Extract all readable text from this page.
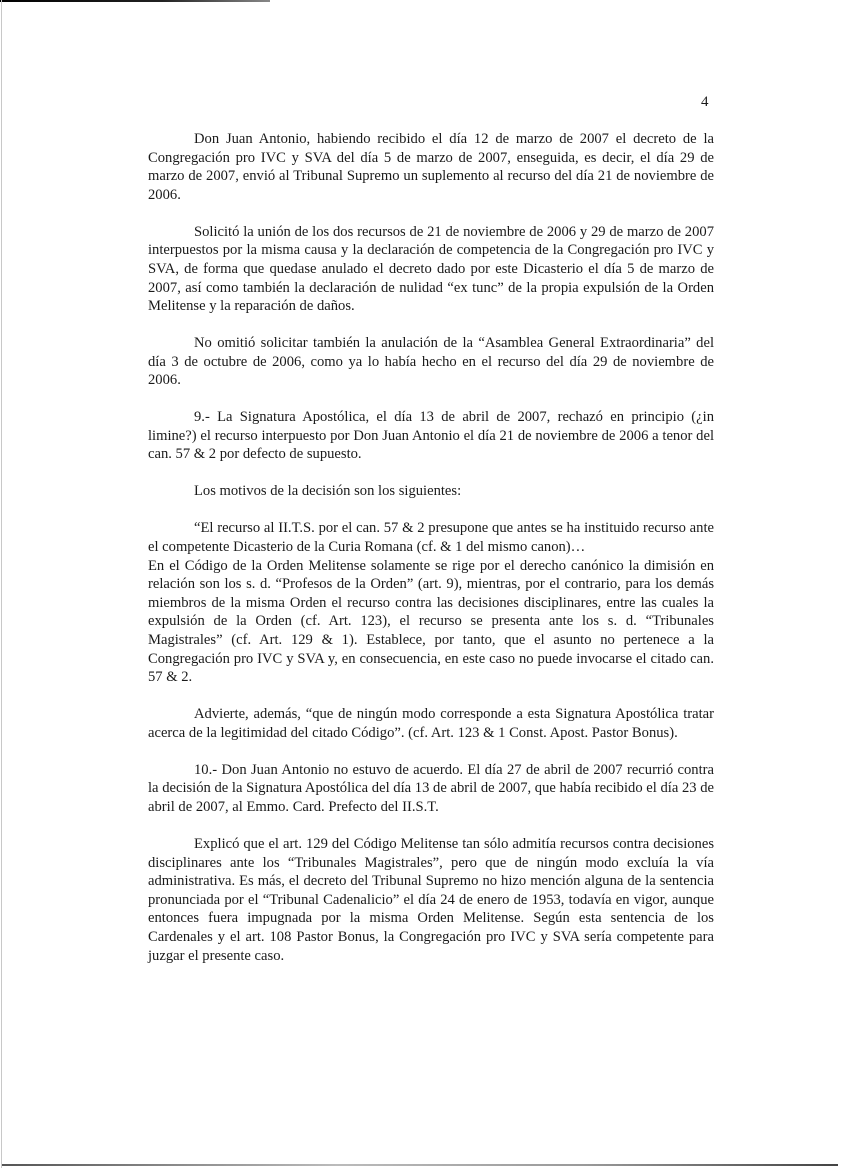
4

Don Juan Antonio, habiendo recibido el día 12 de marzo de 2007 el decreto de la Congregación pro IVC y SVA del día 5 de marzo de 2007, enseguida, es decir, el día 29 de marzo de 2007, envió al Tribunal Supremo un suplemento al recurso del día 21 de noviembre de 2006.

Solicitó la unión de los dos recursos de 21 de noviembre de 2006 y 29 de marzo de 2007 interpuestos por la misma causa y la declaración de competencia de la Congregación pro IVC y SVA, de forma que quedase anulado el decreto dado por este Dicasterio el día 5 de marzo de 2007, así como también la declaración de nulidad “ex tunc” de la propia expulsión de la Orden Melitense y la reparación de daños.

No omitió solicitar también la anulación de la “Asamblea General Extraordinaria” del día 3 de octubre de 2006, como ya lo había hecho en el recurso del día 29 de noviembre de 2006.

9.- La Signatura Apostólica, el día 13 de abril de 2007, rechazó en principio (¿in limine?) el recurso interpuesto por Don Juan Antonio el día 21 de noviembre de 2006 a tenor del can. 57 & 2 por defecto de supuesto.

Los motivos de la decisión son los siguientes:

“El recurso al II.T.S. por el can. 57 & 2 presupone que antes se ha instituido recurso ante el competente Dicasterio de la Curia Romana (cf. & 1 del mismo canon)…

En el Código de la Orden Melitense solamente se rige por el derecho canónico la dimisión en relación son los s. d. “Profesos de la Orden” (art. 9), mientras, por el contrario, para los demás miembros de la misma Orden el recurso contra las decisiones disciplinares, entre las cuales la expulsión de la Orden (cf. Art. 123), el recurso se presenta ante los s. d. “Tribunales Magistrales” (cf. Art. 129 & 1). Establece, por tanto, que el asunto no pertenece a la Congregación pro IVC y SVA y, en consecuencia, en este caso no puede invocarse el citado can. 57 & 2.

Advierte, además, “que de ningún modo corresponde a esta Signatura Apostólica tratar acerca de la legitimidad del citado Código”. (cf. Art. 123 & 1 Const. Apost. Pastor Bonus).

10.- Don Juan Antonio no estuvo de acuerdo. El día 27 de abril de 2007 recurrió contra la decisión de la Signatura Apostólica del día 13 de abril de 2007, que había recibido el día 23 de abril de 2007, al Emmo. Card. Prefecto del II.S.T.

Explicó que el art. 129 del Código Melitense tan sólo admitía recursos contra decisiones disciplinares ante los “Tribunales Magistrales”, pero que de ningún modo excluía la vía administrativa. Es más, el decreto del Tribunal Supremo no hizo mención alguna de la sentencia pronunciada por el “Tribunal Cadenalicio” el día 24 de enero de 1953, todavía en vigor, aunque entonces fuera impugnada por la misma Orden Melitense. Según esta sentencia de los Cardenales y el art. 108 Pastor Bonus, la Congregación pro IVC y SVA sería competente para juzgar el presente caso.
